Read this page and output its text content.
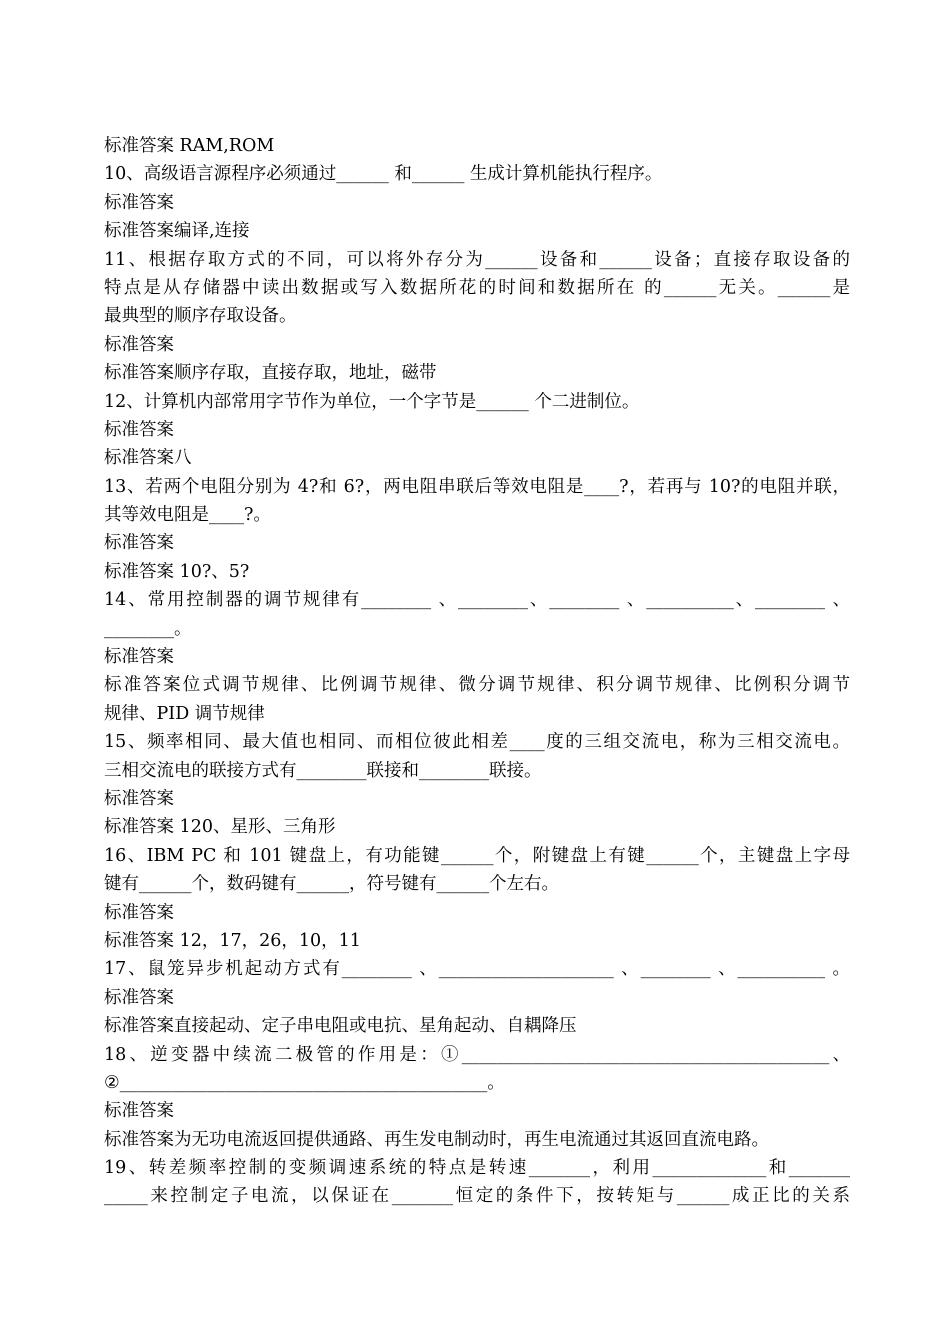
标准答案 RAM,ROM
10、高级语言源程序必须通过______ 和______ 生成计算机能执行程序。
标准答案
标准答案编译,连接
11、根据存取方式的不同，可以将外存分为______设备和______设备；直接存取设备的
特点是从存储器中读出数据或写入数据所花的时间和数据所在 的______无关。______是
最典型的顺序存取设备。
标准答案
标准答案顺序存取，直接存取，地址，磁带
12、计算机内部常用字节作为单位，一个字节是______ 个二进制位。
标准答案
标准答案八
13、若两个电阻分别为 4?和 6?，两电阻串联后等效电阻是____?，若再与 10?的电阻并联，
其等效电阻是____?。
标准答案
标准答案 10?、5?
14、常用控制器的调节规律有________ 、________、________ 、__________、________ 、
________。
标准答案
标准答案位式调节规律、比例调节规律、微分调节规律、积分调节规律、比例积分调节
规律、PID 调节规律
15、频率相同、最大值也相同、而相位彼此相差____度的三组交流电，称为三相交流电。
三相交流电的联接方式有________联接和________联接。
标准答案
标准答案 120、星形、三角形
16、IBM PC 和 101 键盘上，有功能键______个，附键盘上有键______个，主键盘上字母
键有______个，数码键有______，符号键有______个左右。
标准答案
标准答案 12，17，26，10，11
17、鼠笼异步机起动方式有________ 、____________________ 、________ 、__________ 。
标准答案
标准答案直接起动、定子串电阻或电抗、星角起动、自耦降压
18、逆变器中续流二极管的作用是：①__________________________________________、
②__________________________________________。
标准答案
标准答案为无功电流返回提供通路、再生发电制动时，再生电流通过其返回直流电路。
19、转差频率控制的变频调速系统的特点是转速_______，利用_____________和_______
_____来控制定子电流，以保证在_______恒定的条件下，按转矩与______成正比的关系
